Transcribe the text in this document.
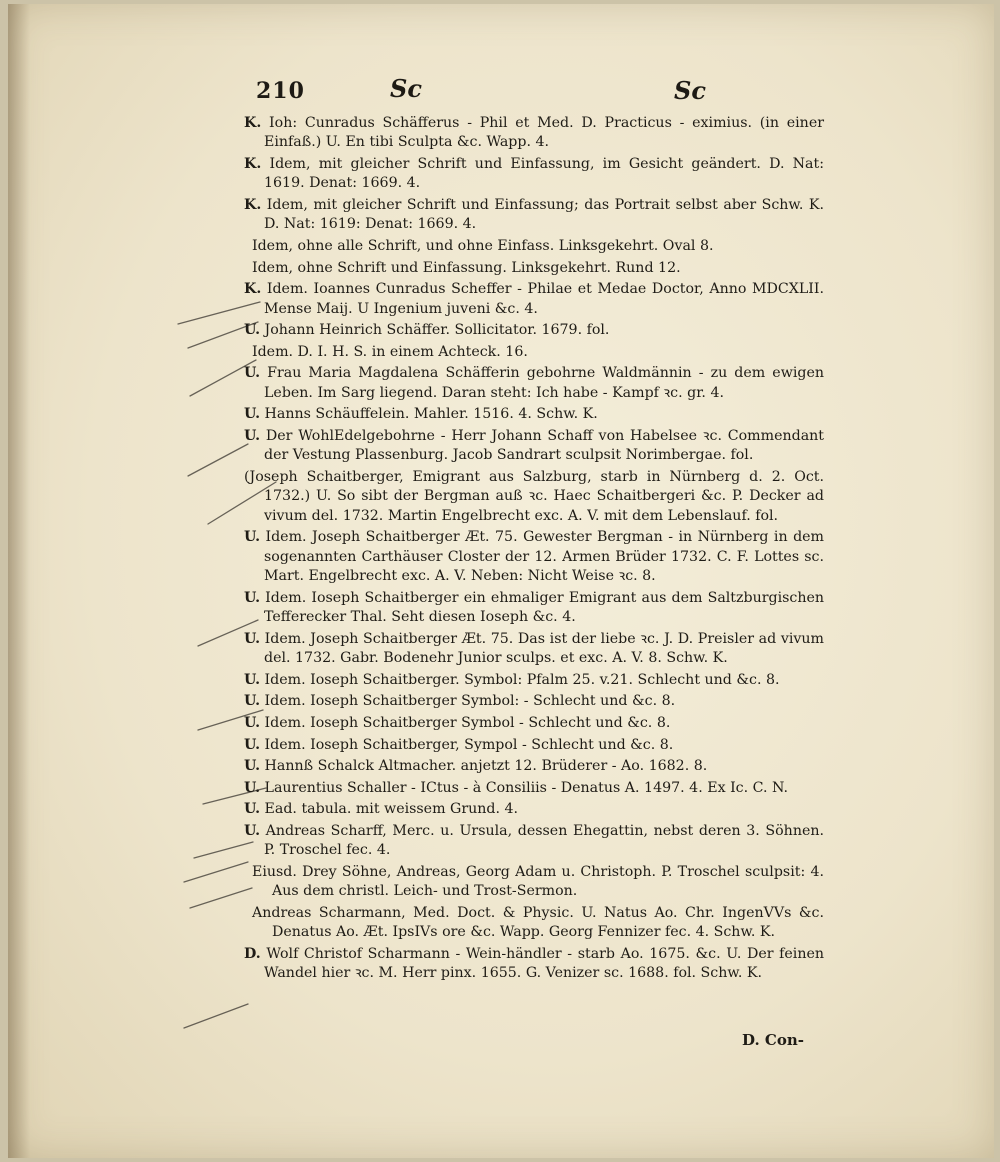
210	Sc	Sc

K. Ioh: Cunradus Schäfferus - Phil et Med. D. Practicus - eximius. (in einer Einfaß.) U. En tibi Sculpta &c. Wapp. 4.

K. Idem, mit gleicher Schrift und Einfassung, im Gesicht geändert. D. Nat: 1619. Denat: 1669. 4.

K. Idem, mit gleicher Schrift und Einfassung; das Portrait selbst aber Schw. K. D. Nat: 1619: Denat: 1669. 4.

Idem, ohne alle Schrift, und ohne Einfass. Linksgekehrt. Oval 8.

Idem, ohne Schrift und Einfassung. Linksgekehrt. Rund 12.

K. Idem. Ioannes Cunradus Scheffer - Philae et Medae Doctor, Anno MDCXLII. Mense Maij. U Ingenium juveni &c. 4.

U. Johann Heinrich Schäffer. Sollicitator. 1679. fol.

Idem. D. I. H. S. in einem Achteck. 16.

U. Frau Maria Magdalena Schäfferin gebohrne Waldmännin - zu dem ewigen Leben. Im Sarg liegend. Daran steht: Ich habe - Kampf ꝛc. gr. 4.

U. Hanns Schäuffelein. Mahler. 1516. 4. Schw. K.

U. Der WohlEdelgebohrne - Herr Johann Schaff von Habelsee ꝛc. Commendant der Vestung Plassenburg. Jacob Sandrart sculpsit Norimbergae. fol.

(Joseph Schaitberger, Emigrant aus Salzburg, starb in Nürnberg d. 2. Oct. 1732.) U. So sibt der Bergman auß ꝛc. Haec Schaitbergeri &c. P. Decker ad vivum del. 1732. Martin Engelbrecht exc. A. V. mit dem Lebenslauf. fol.

U. Idem. Joseph Schaitberger Æt. 75. Gewester Bergman - in Nürnberg in dem sogenannten Carthäuser Closter der 12. Armen Brüder 1732. C. F. Lottes sc. Mart. Engelbrecht exc. A. V. Neben: Nicht Weise ꝛc. 8.

U. Idem. Ioseph Schaitberger ein ehmaliger Emigrant aus dem Saltzburgischen Tefferecker Thal. Seht diesen Ioseph &c. 4.

U. Idem. Joseph Schaitberger Æt. 75. Das ist der liebe ꝛc. J. D. Preisler ad vivum del. 1732. Gabr. Bodenehr Junior sculps. et exc. A. V. 8. Schw. K.

U. Idem. Ioseph Schaitberger. Symbol: Pfalm 25. v.21. Schlecht und &c. 8.

U. Idem. Ioseph Schaitberger Symbol: - Schlecht und &c. 8.

U. Idem. Ioseph Schaitberger Symbol - Schlecht und &c. 8.

U. Idem. Ioseph Schaitberger, Sympol - Schlecht und &c. 8.

U. Hannß Schalck Altmacher. anjetzt 12. Brüderer - Ao. 1682. 8.

U. Laurentius Schaller - ICtus - à Consiliis - Denatus A. 1497. 4. Ex Ic. C. N.

U. Ead. tabula. mit weissem Grund. 4.

U. Andreas Scharff, Merc. u. Ursula, dessen Ehegattin, nebst deren 3. Söhnen. P. Troschel fec. 4.

Eiusd. Drey Söhne, Andreas, Georg Adam u. Christoph. P. Troschel sculpsit: 4. Aus dem christl. Leich- und Trost-Sermon.

Andreas Scharmann, Med. Doct. & Physic. U. Natus Ao. Chr. IngenVVs &c. Denatus Ao. Æt. IpsIVs ore &c. Wapp. Georg Fennizer fec. 4. Schw. K.

D. Wolf Christof Scharmann - Wein-händler - starb Ao. 1675. &c. U. Der feinen Wandel hier ꝛc. M. Herr pinx. 1655. G. Venizer sc. 1688. fol. Schw. K.

D. Con-
